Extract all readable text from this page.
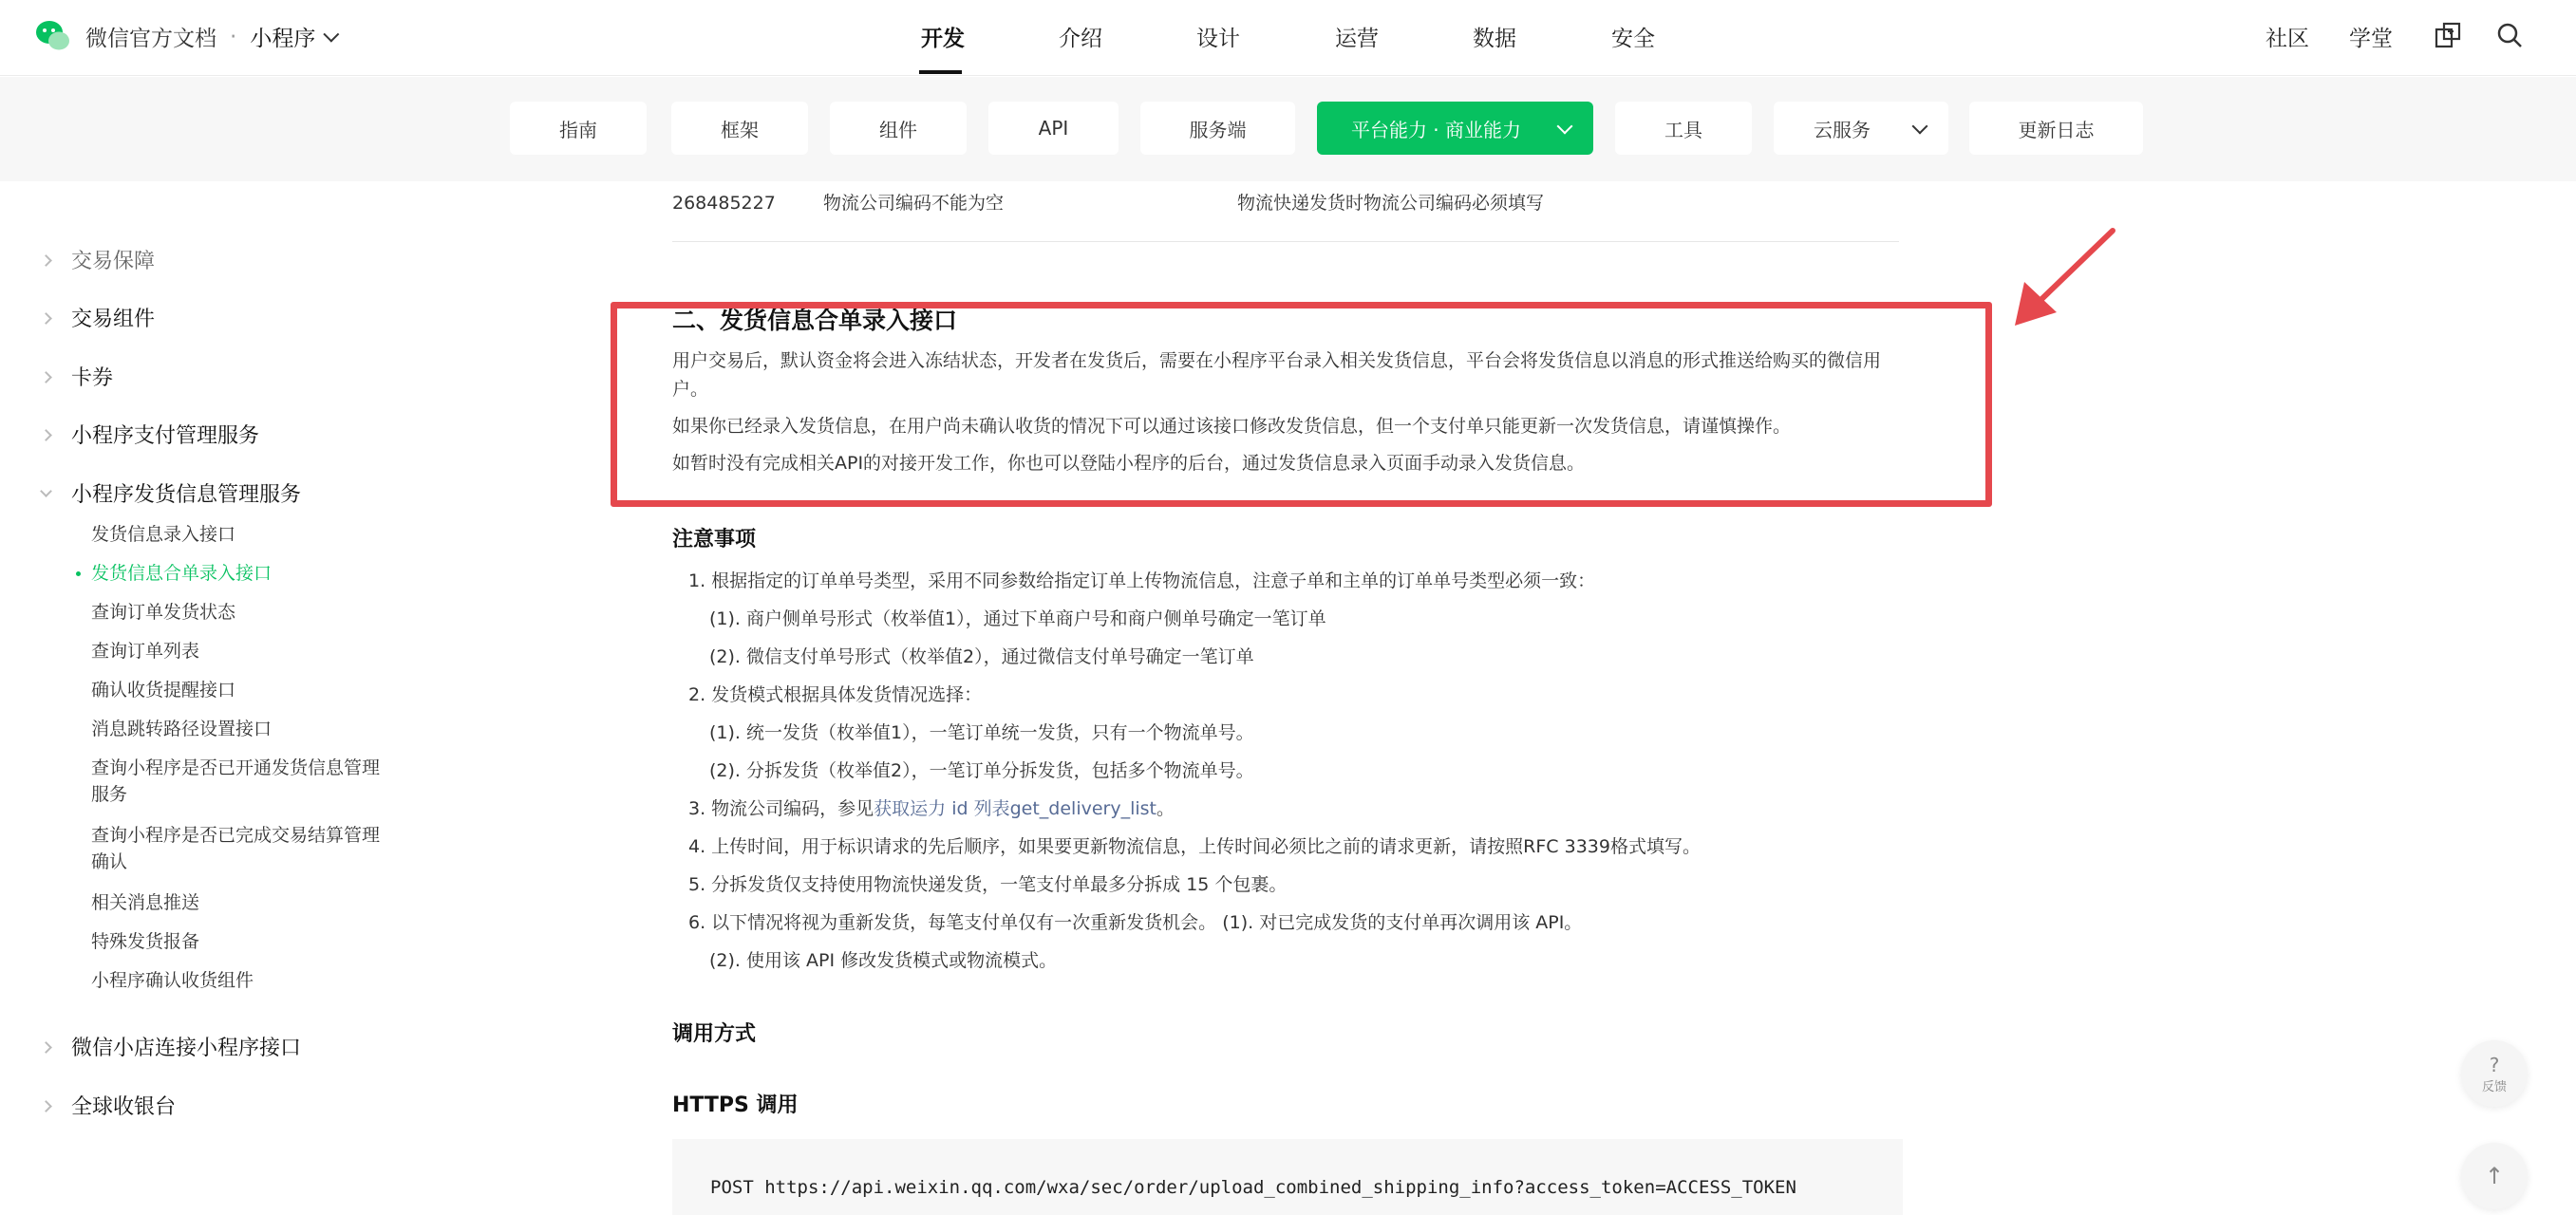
微信官方文档 · 小程序	开发	介绍	设计	运营	数据	安全	社区 学堂
指南	框架	组件	API	服务端	平台能力 · 商业能力	工具	云服务	更新日志
交易保障
交易组件
卡券
小程序支付管理服务
小程序发货信息管理服务
发货信息录入接口
发货信息合单录入接口
查询订单发货状态
查询订单列表
确认收货提醒接口
消息跳转路径设置接口
查询小程序是否已开通发货信息管理服务
查询小程序是否已完成交易结算管理确认
相关消息推送
特殊发货报备
小程序确认收货组件
微信小店连接小程序接口
全球收银台
268485227	物流公司编码不能为空	物流快递发货时物流公司编码必须填写
二、发货信息合单录入接口
用户交易后，默认资金将会进入冻结状态，开发者在发货后，需要在小程序平台录入相关发货信息，平台会将发货信息以消息的形式推送给购买的微信用
户。
如果你已经录入发货信息，在用户尚未确认收货的情况下可以通过该接口修改发货信息，但一个支付单只能更新一次发货信息，请谨慎操作。
如暂时没有完成相关API的对接开发工作，你也可以登陆小程序的后台，通过发货信息录入页面手动录入发货信息。
注意事项
1. 根据指定的订单单号类型，采用不同参数给指定订单上传物流信息，注意子单和主单的订单单号类型必须一致：
(1). 商户侧单号形式（枚举值1），通过下单商户号和商户侧单号确定一笔订单
(2). 微信支付单号形式（枚举值2），通过微信支付单号确定一笔订单
2. 发货模式根据具体发货情况选择：
(1). 统一发货（枚举值1），一笔订单统一发货，只有一个物流单号。
(2). 分拆发货（枚举值2），一笔订单分拆发货，包括多个物流单号。
3. 物流公司编码，参见获取运力 id 列表get_delivery_list。
4. 上传时间，用于标识请求的先后顺序，如果要更新物流信息，上传时间必须比之前的请求更新，请按照RFC 3339格式填写。
5. 分拆发货仅支持使用物流快递发货，一笔支付单最多分拆成 15 个包裹。
6. 以下情况将视为重新发货，每笔支付单仅有一次重新发货机会。 (1). 对已完成发货的支付单再次调用该 API。
(2). 使用该 API 修改发货模式或物流模式。
调用方式
HTTPS 调用
POST https://api.weixin.qq.com/wxa/sec/order/upload_combined_shipping_info?access_token=ACCESS_TOKEN
?
反馈
↑
